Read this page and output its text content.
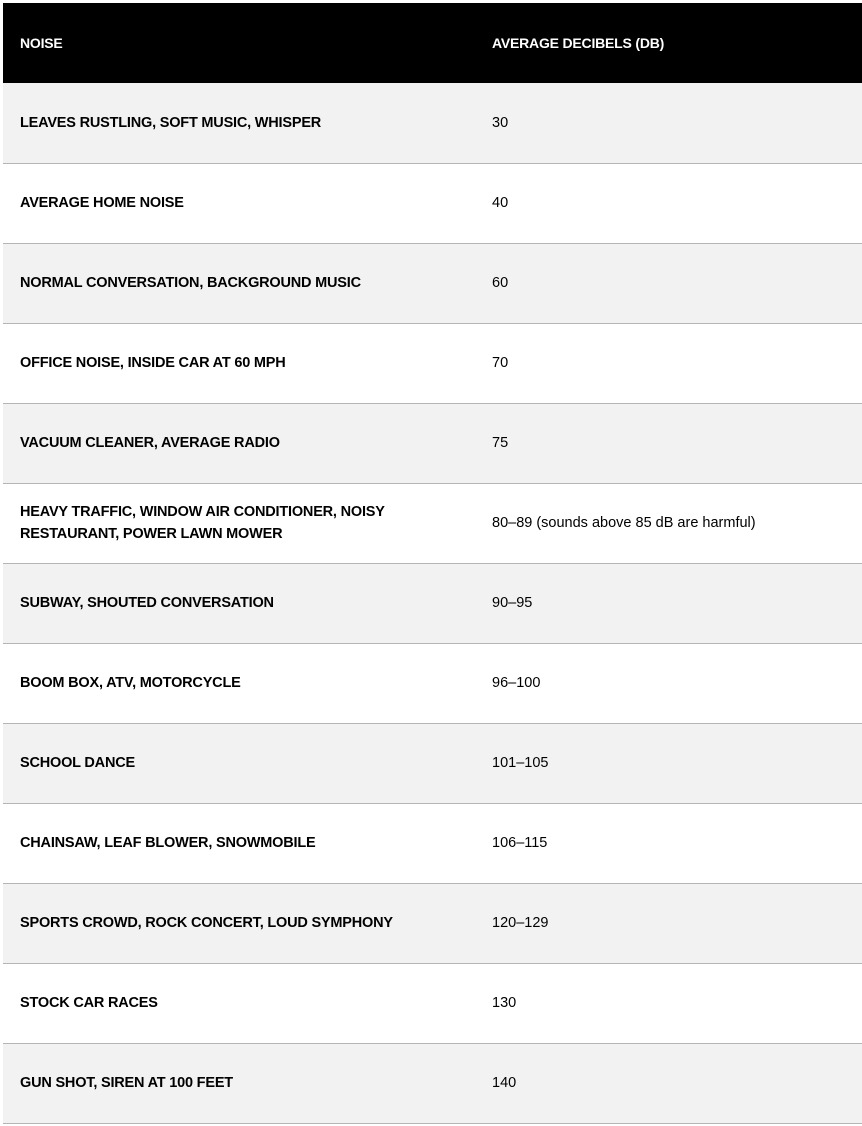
NOISE	AVERAGE DECIBELS (DB)
LEAVES RUSTLING, SOFT MUSIC, WHISPER	30
AVERAGE HOME NOISE	40
NORMAL CONVERSATION, BACKGROUND MUSIC	60
OFFICE NOISE, INSIDE CAR AT 60 MPH	70
VACUUM CLEANER, AVERAGE RADIO	75
HEAVY TRAFFIC, WINDOW AIR CONDITIONER, NOISY RESTAURANT, POWER LAWN MOWER	80–89 (sounds above 85 dB are harmful)
SUBWAY, SHOUTED CONVERSATION	90–95
BOOM BOX, ATV, MOTORCYCLE	96–100
SCHOOL DANCE	101–105
CHAINSAW, LEAF BLOWER, SNOWMOBILE	106–115
SPORTS CROWD, ROCK CONCERT, LOUD SYMPHONY	120–129
STOCK CAR RACES	130
GUN SHOT, SIREN AT 100 FEET	140
